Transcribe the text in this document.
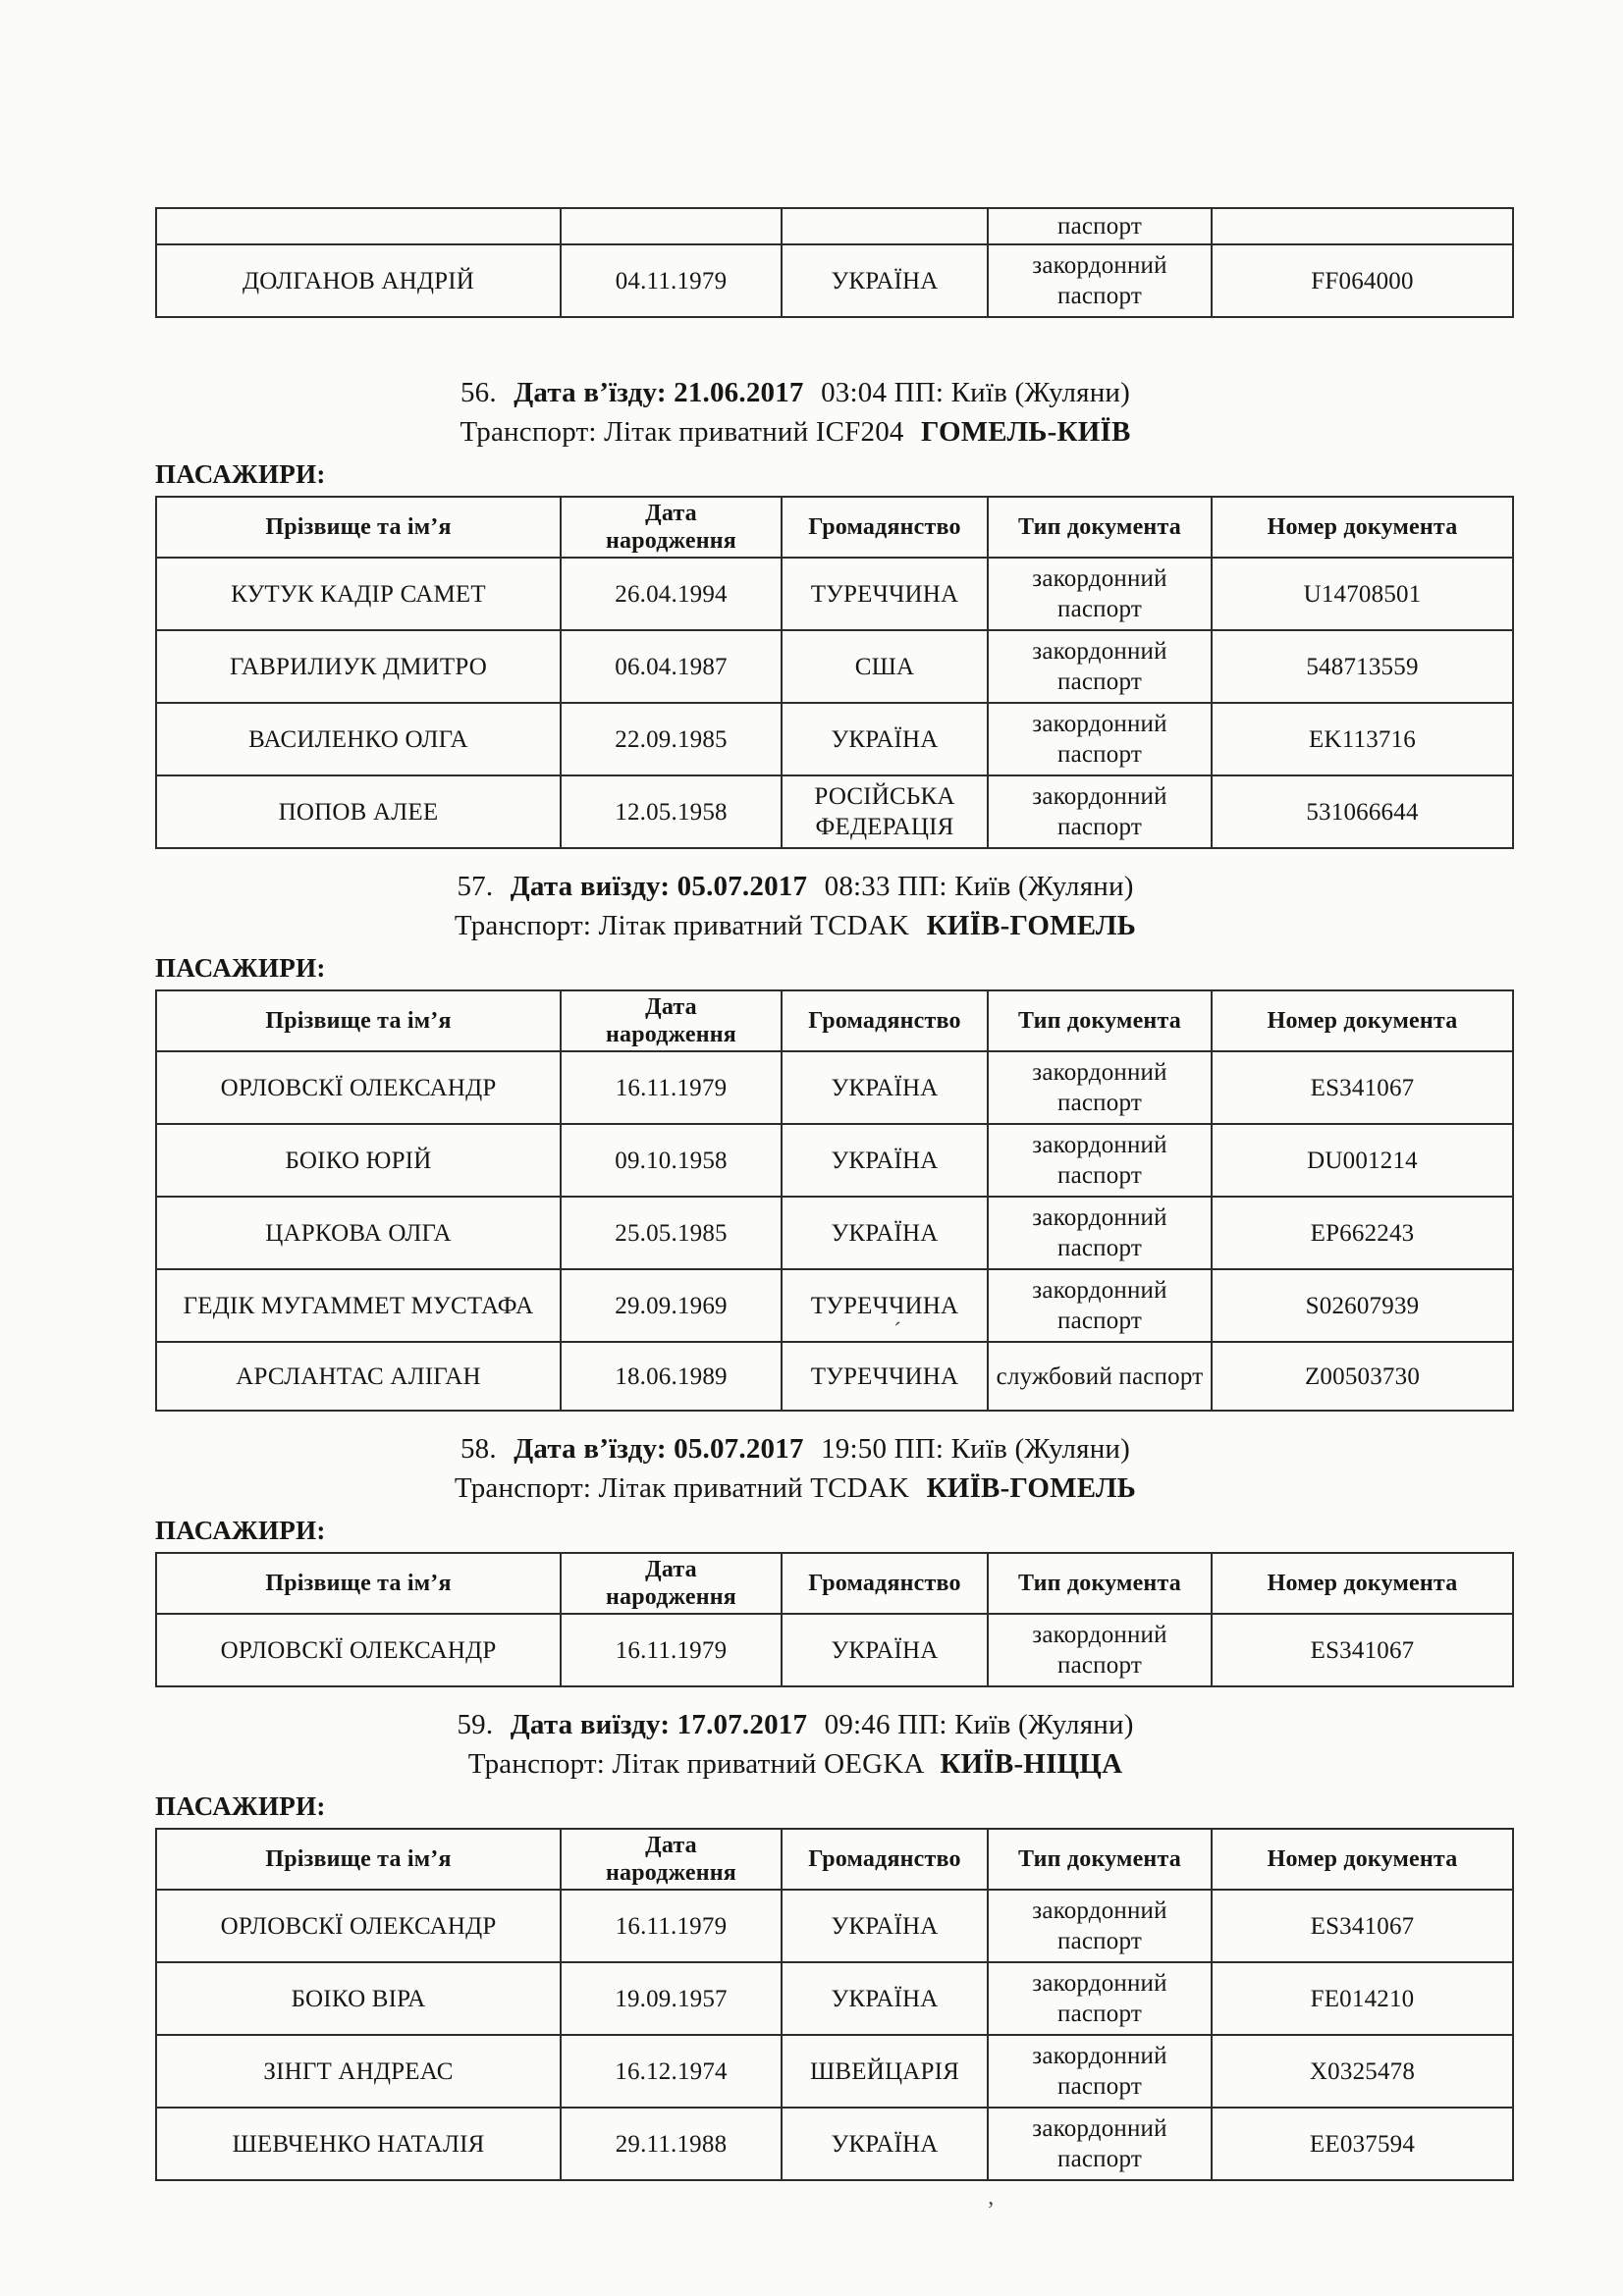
			паспорт	
ДОЛГАНОВ АНДРІЙ	04.11.1979	УКРАЇНА	закордонний паспорт	FF064000

56. Дата в’їзду: 21.06.2017 03:04 ПП: Київ (Жуляни)

Транспорт: Літак приватний ICF204 ГОМЕЛЬ-КИЇВ

ПАСАЖИРИ:

Прізвище та ім’я	Дата народження	Громадянство	Тип документа	Номер документа
КУТУК КАДІР САМЕТ	26.04.1994	ТУРЕЧЧИНА	закордонний паспорт	U14708501
ГАВРИЛИУК ДМИТРО	06.04.1987	США	закордонний паспорт	548713559
ВАСИЛЕНКО ОЛГА	22.09.1985	УКРАЇНА	закордонний паспорт	EK113716
ПОПОВ АЛЕЕ	12.05.1958	РОСІЙСЬКА ФЕДЕРАЦІЯ	закордонний паспорт	531066644

57. Дата виїзду: 05.07.2017 08:33 ПП: Київ (Жуляни)

Транспорт: Літак приватний TCDAK КИЇВ-ГОМЕЛЬ

ПАСАЖИРИ:

Прізвище та ім’я	Дата народження	Громадянство	Тип документа	Номер документа
ОРЛОВСКЇ ОЛЕКСАНДР	16.11.1979	УКРАЇНА	закордонний паспорт	ES341067
БОІКО ЮРІЙ	09.10.1958	УКРАЇНА	закордонний паспорт	DU001214
ЦАРКОВА ОЛГА	25.05.1985	УКРАЇНА	закордонний паспорт	EP662243
ГЕДІК МУГАММЕТ МУСТАФА	29.09.1969	ТУРЕЧЧИНА	закордонний паспорт	S02607939
АРСЛАНТАС АЛІГАН	18.06.1989	ТУРЕЧЧИНА	службовий паспорт	Z00503730

58. Дата в’їзду: 05.07.2017 19:50 ПП: Київ (Жуляни)

Транспорт: Літак приватний TCDAK КИЇВ-ГОМЕЛЬ

ПАСАЖИРИ:

Прізвище та ім’я	Дата народження	Громадянство	Тип документа	Номер документа
ОРЛОВСКЇ ОЛЕКСАНДР	16.11.1979	УКРАЇНА	закордонний паспорт	ES341067

59. Дата виїзду: 17.07.2017 09:46 ПП: Київ (Жуляни)

Транспорт: Літак приватний OEGKA КИЇВ-НІЦЦА

ПАСАЖИРИ:

Прізвище та ім’я	Дата народження	Громадянство	Тип документа	Номер документа
ОРЛОВСКЇ ОЛЕКСАНДР	16.11.1979	УКРАЇНА	закордонний паспорт	ES341067
БОІКО ВІРА	19.09.1957	УКРАЇНА	закордонний паспорт	FE014210
ЗІНГТ АНДРЕАС	16.12.1974	ШВЕЙЦАРІЯ	закордонний паспорт	X0325478
ШЕВЧЕНКО НАТАЛІЯ	29.11.1988	УКРАЇНА	закордонний паспорт	EE037594
´
’
